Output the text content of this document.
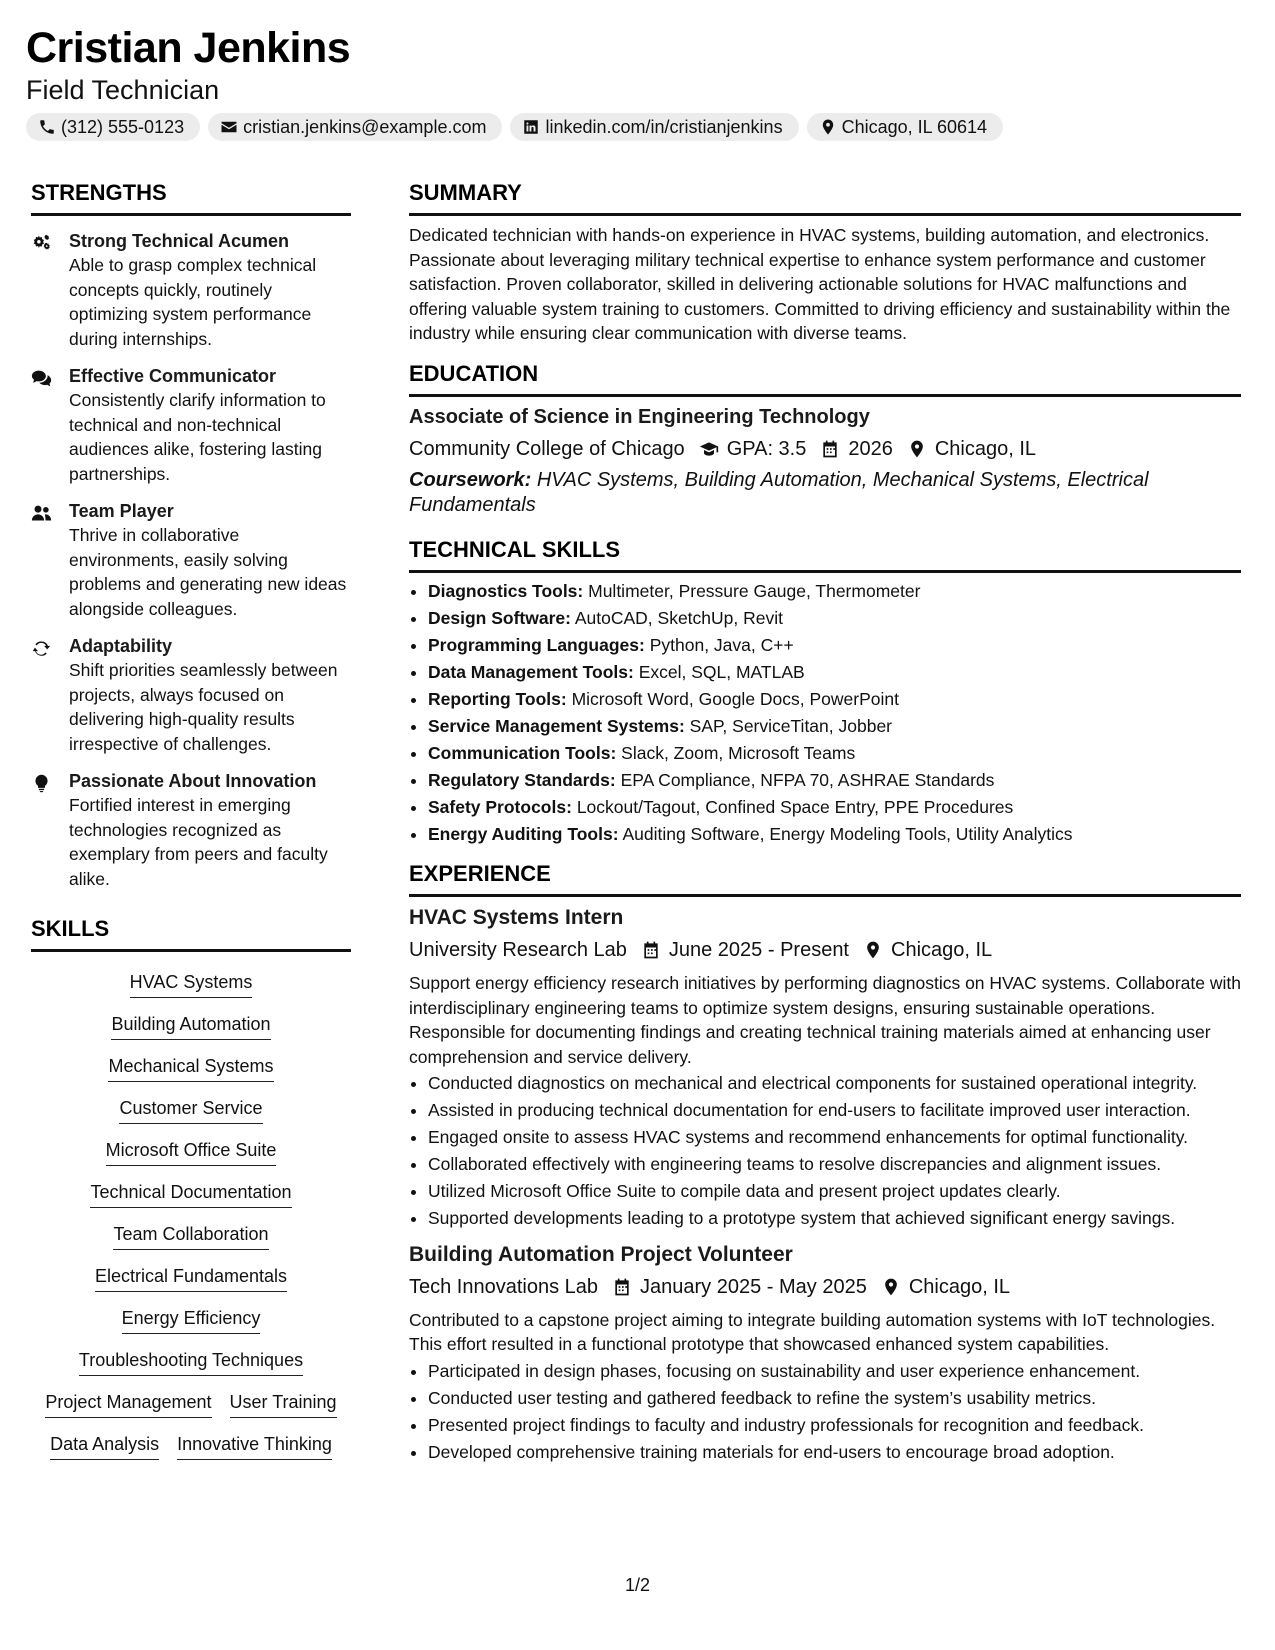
Cristian Jenkins
Field Technician
(312) 555-0123	cristian.jenkins@example.com	linkedin.com/in/cristianjenkins	Chicago, IL 60614
STRENGTHS
Strong Technical Acumen
Able to grasp complex technical concepts quickly, routinely optimizing system performance during internships.
Effective Communicator
Consistently clarify information to technical and non-technical audiences alike, fostering lasting partnerships.
Team Player
Thrive in collaborative environments, easily solving problems and generating new ideas alongside colleagues.
Adaptability
Shift priorities seamlessly between projects, always focused on delivering high-quality results irrespective of challenges.
Passionate About Innovation
Fortified interest in emerging technologies recognized as exemplary from peers and faculty alike.
SKILLS
HVAC Systems
Building Automation
Mechanical Systems
Customer Service
Microsoft Office Suite
Technical Documentation
Team Collaboration
Electrical Fundamentals
Energy Efficiency
Troubleshooting Techniques
Project Management User Training
Data Analysis Innovative Thinking
SUMMARY
Dedicated technician with hands-on experience in HVAC systems, building automation, and electronics. Passionate about leveraging military technical expertise to enhance system performance and customer satisfaction. Proven collaborator, skilled in delivering actionable solutions for HVAC malfunctions and offering valuable system training to customers. Committed to driving efficiency and sustainability within the industry while ensuring clear communication with diverse teams.
EDUCATION
Associate of Science in Engineering Technology
Community College of Chicago GPA: 3.5 2026 Chicago, IL
Coursework: HVAC Systems, Building Automation, Mechanical Systems, Electrical Fundamentals
TECHNICAL SKILLS
• Diagnostics Tools: Multimeter, Pressure Gauge, Thermometer
• Design Software: AutoCAD, SketchUp, Revit
• Programming Languages: Python, Java, C++
• Data Management Tools: Excel, SQL, MATLAB
• Reporting Tools: Microsoft Word, Google Docs, PowerPoint
• Service Management Systems: SAP, ServiceTitan, Jobber
• Communication Tools: Slack, Zoom, Microsoft Teams
• Regulatory Standards: EPA Compliance, NFPA 70, ASHRAE Standards
• Safety Protocols: Lockout/Tagout, Confined Space Entry, PPE Procedures
• Energy Auditing Tools: Auditing Software, Energy Modeling Tools, Utility Analytics
EXPERIENCE
HVAC Systems Intern
University Research Lab June 2025 - Present Chicago, IL
Support energy efficiency research initiatives by performing diagnostics on HVAC systems. Collaborate with interdisciplinary engineering teams to optimize system designs, ensuring sustainable operations. Responsible for documenting findings and creating technical training materials aimed at enhancing user comprehension and service delivery.
• Conducted diagnostics on mechanical and electrical components for sustained operational integrity.
• Assisted in producing technical documentation for end-users to facilitate improved user interaction.
• Engaged onsite to assess HVAC systems and recommend enhancements for optimal functionality.
• Collaborated effectively with engineering teams to resolve discrepancies and alignment issues.
• Utilized Microsoft Office Suite to compile data and present project updates clearly.
• Supported developments leading to a prototype system that achieved significant energy savings.
Building Automation Project Volunteer
Tech Innovations Lab January 2025 - May 2025 Chicago, IL
Contributed to a capstone project aiming to integrate building automation systems with IoT technologies. This effort resulted in a functional prototype that showcased enhanced system capabilities.
• Participated in design phases, focusing on sustainability and user experience enhancement.
• Conducted user testing and gathered feedback to refine the system’s usability metrics.
• Presented project findings to faculty and industry professionals for recognition and feedback.
• Developed comprehensive training materials for end-users to encourage broad adoption.
1/2
